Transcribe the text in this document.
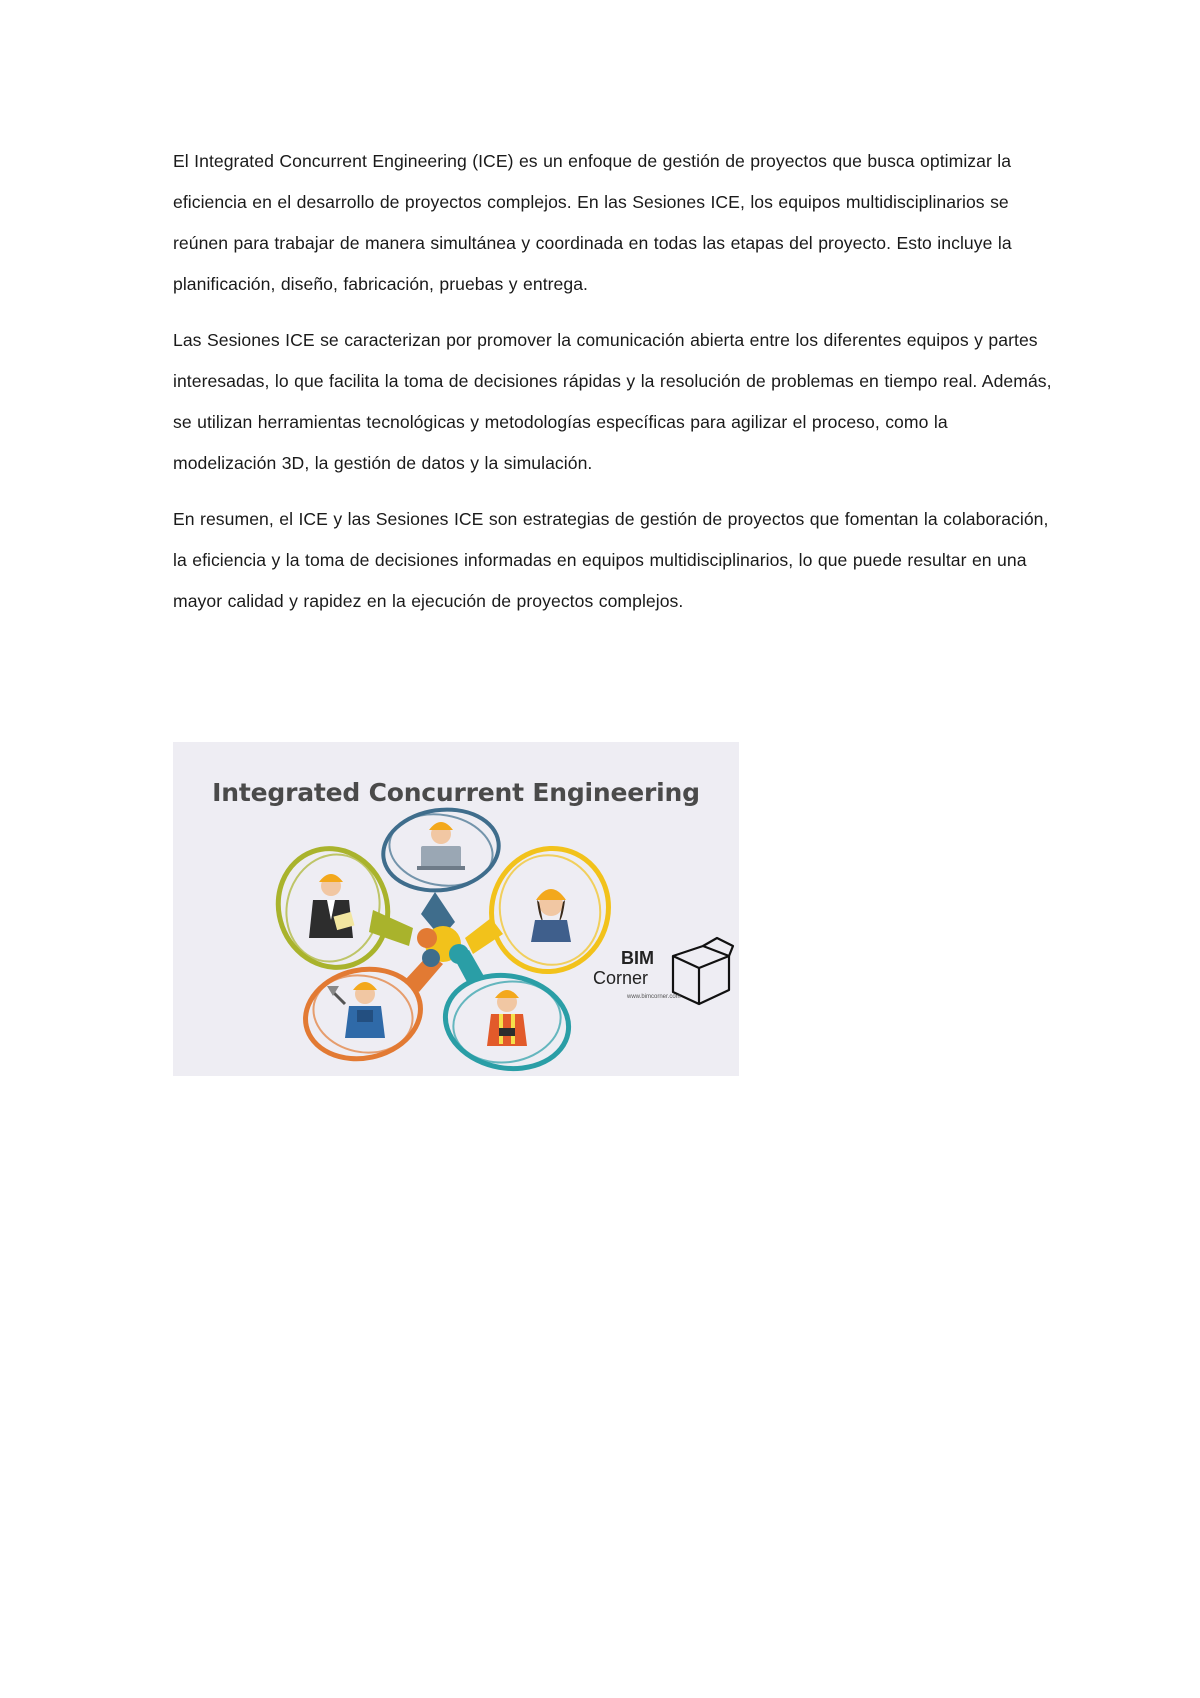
El Integrated Concurrent Engineering (ICE) es un enfoque de gestión de proyectos que busca optimizar la eficiencia en el desarrollo de proyectos complejos. En las Sesiones ICE, los equipos multidisciplinarios se reúnen para trabajar de manera simultánea y coordinada en todas las etapas del proyecto. Esto incluye la planificación, diseño, fabricación, pruebas y entrega.

Las Sesiones ICE se caracterizan por promover la comunicación abierta entre los diferentes equipos y partes interesadas, lo que facilita la toma de decisiones rápidas y la resolución de problemas en tiempo real. Además, se utilizan herramientas tecnológicas y metodologías específicas para agilizar el proceso, como la modelización 3D, la gestión de datos y la simulación.

En resumen, el ICE y las Sesiones ICE son estrategias de gestión de proyectos que fomentan la colaboración, la eficiencia y la toma de decisiones informadas en equipos multidisciplinarios, lo que puede resultar en una mayor calidad y rapidez en la ejecución de proyectos complejos.

Integrated Concurrent Engineering
BIM
Corner
www.bimcorner.com
